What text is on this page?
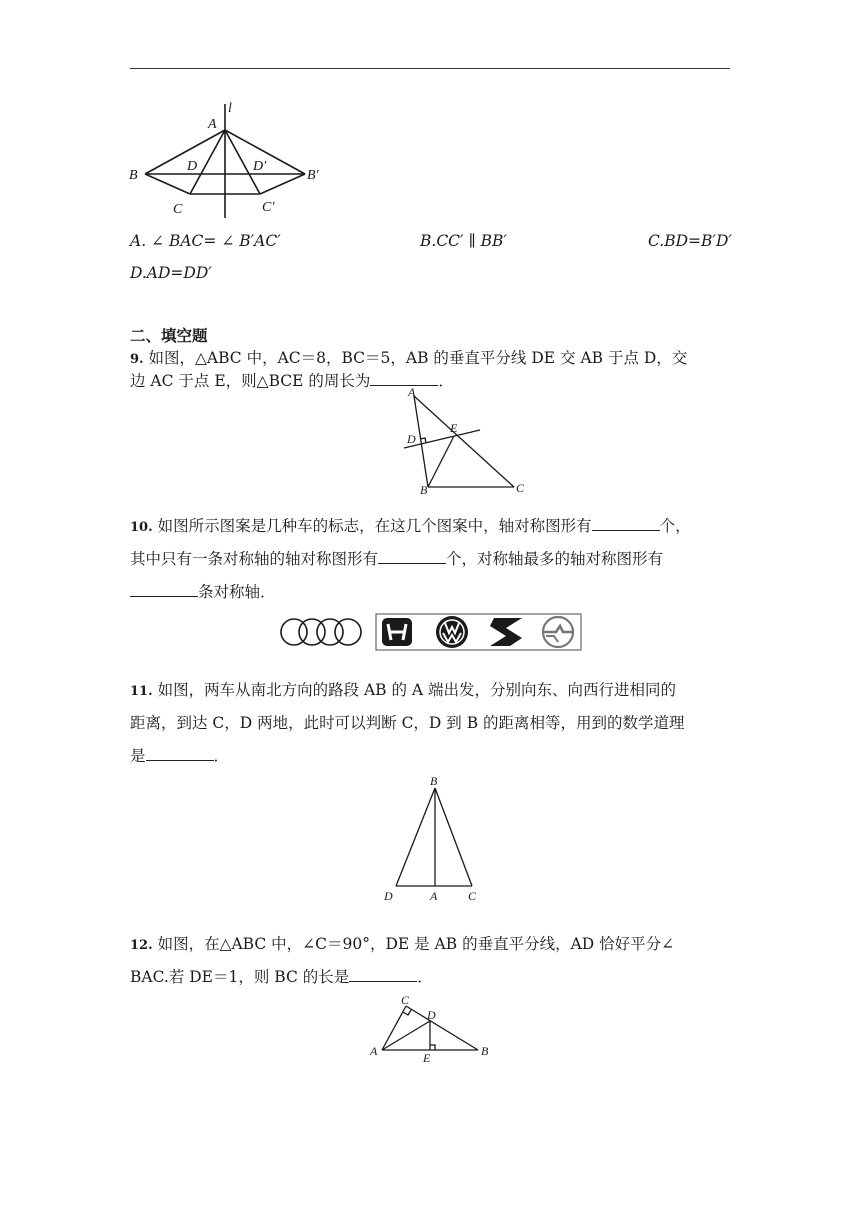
A
l
B
D	D′
B′
C	C′
A. ∠ BAC= ∠ B′AC′	B.CC′ ∥ BB′	C.BD=B′D′
D.AD=DD′
二、填空题
9. 如图，△ABC 中，AC＝8，BC＝5，AB 的垂直平分线 DE 交 AB 于点 D，交
边 AC 于点 E，则△BCE 的周长为	．
A
D
E
B	C
10. 如图所示图案是几种车的标志，在这几个图案中，轴对称图形有	个，
其中只有一条对称轴的轴对称图形有	个，对称轴最多的轴对称图形有
条对称轴．
11. 如图，两车从南北方向的路段 AB 的 A 端出发，分别向东、向西行进相同的
距离，到达 C，D 两地，此时可以判断 C，D 到 B 的距离相等，用到的数学道理
是	．
B
D	A	C
12. 如图，在△ABC 中，∠C＝90°，DE 是 AB 的垂直平分线，AD 恰好平分∠
BAC.若 DE＝1，则 BC 的长是	．
C
D
A	E	B
